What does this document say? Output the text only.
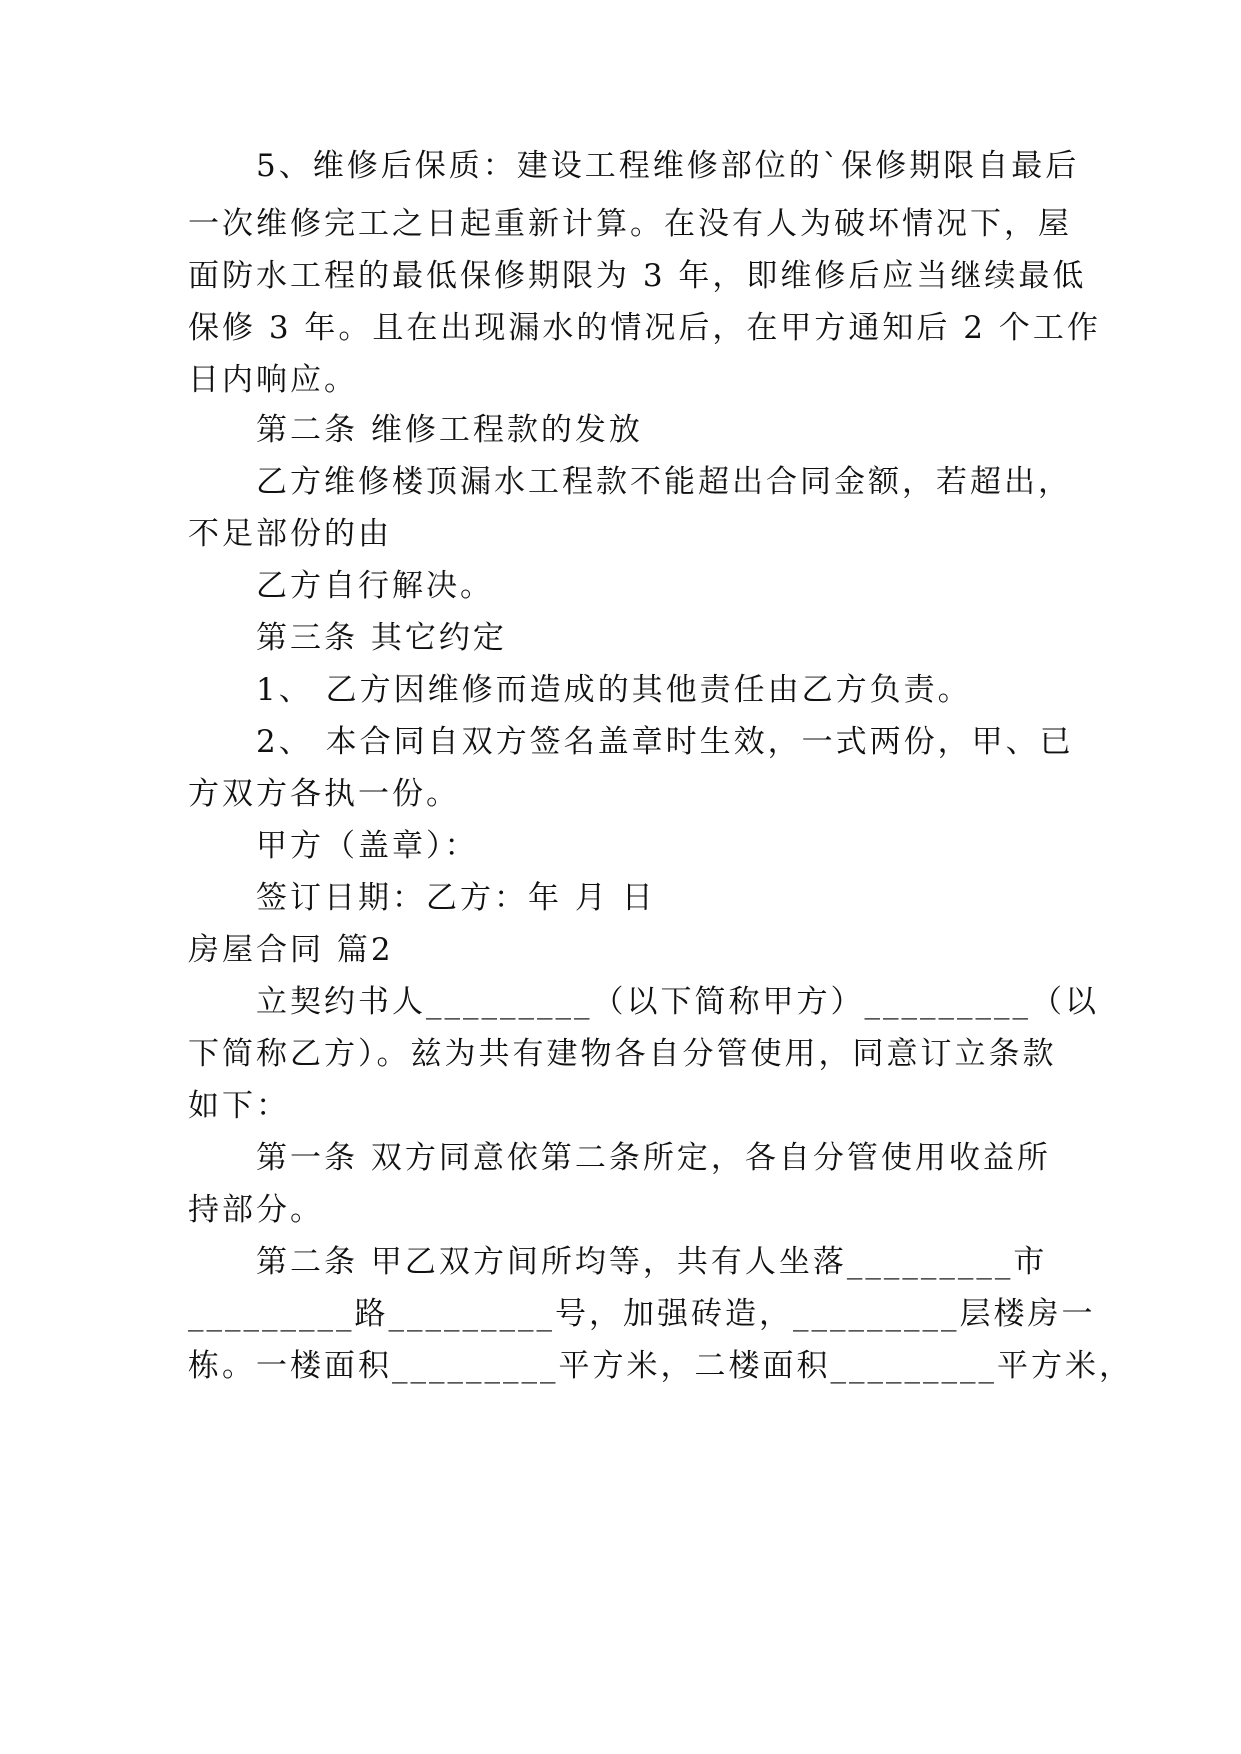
5、维修后保质：建设工程维修部位的`保修期限自最后
一次维修完工之日起重新计算。在没有人为破坏情况下，屋
面防水工程的最低保修期限为 3 年，即维修后应当继续最低
保修 3 年。且在出现漏水的情况后，在甲方通知后 2 个工作
日内响应。
第二条 维修工程款的发放
乙方维修楼顶漏水工程款不能超出合同金额，若超出，
不足部份的由
乙方自行解决。
第三条 其它约定
1、 乙方因维修而造成的其他责任由乙方负责。
2、 本合同自双方签名盖章时生效，一式两份，甲、已
方双方各执一份。
甲方（盖章）：
签订日期：乙方：年 月 日
房屋合同 篇2
立契约书人_________（以下简称甲方）_________（以
下简称乙方）。兹为共有建物各自分管使用，同意订立条款
如下：
第一条 双方同意依第二条所定，各自分管使用收益所
持部分。
第二条 甲乙双方间所均等，共有人坐落_________市
_________路_________号，加强砖造，_________层楼房一
栋。一楼面积_________平方米，二楼面积_________平方米，
